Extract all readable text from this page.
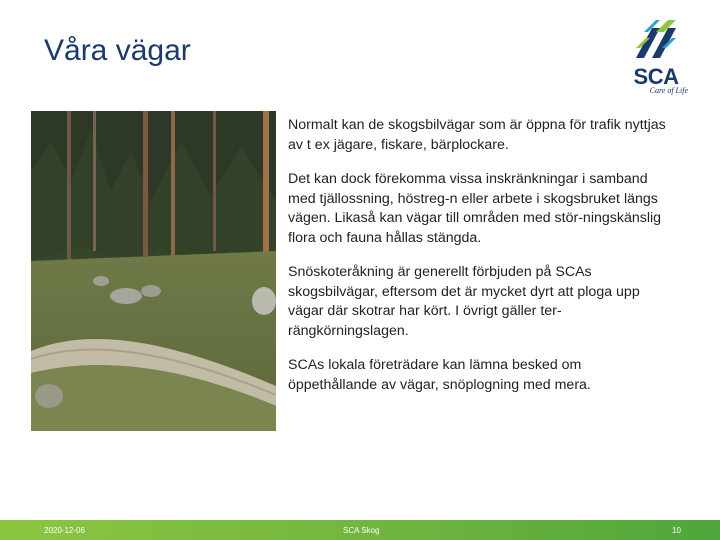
Våra vägar
SCA
Care of Life

Normalt kan de skogsbilvägar som är öppna för trafik nyttjas av t ex jägare, fiskare, bärplockare.

Det kan dock förekomma vissa inskränkningar i samband med tjällossning, höstreg-n eller arbete i skogsbruket längs vägen. Likaså kan vägar till områden med stör-ningskänslig flora och fauna hållas stängda.

Snöskoteråkning är generellt förbjuden på SCAs skogsbilvägar, eftersom det är mycket dyrt att ploga upp vägar där skotrar har kört. I övrigt gäller ter-rängkörningslagen.

SCAs lokala företrädare kan lämna besked om öppethållande av vägar, snöplogning med mera.

2020-12-06	SCA Skog	10
